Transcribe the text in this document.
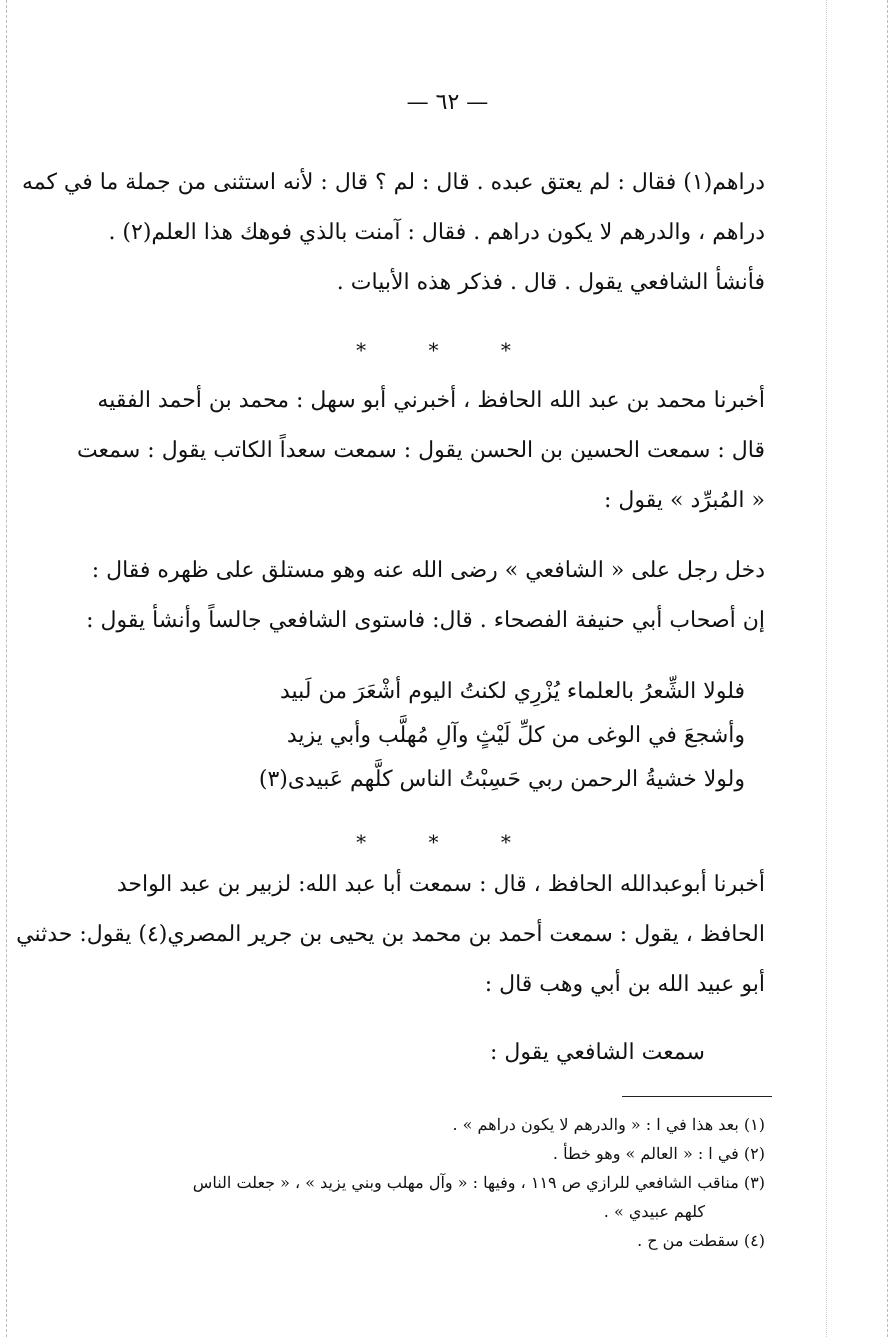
— ٦٢ —
دراهم(١) فقال : لم يعتق عبده . قال : لم ؟ قال : لأنه استثنى من جملة ما في كمه
دراهم ، والدرهم لا يكون دراهم . فقال : آمنت بالذي فوهك هذا العلم(٢) .
فأنشأ الشافعي يقول . قال . فذكر هذه الأبيات .
* * *
أخبرنا محمد بن عبد الله الحافظ ، أخبرني أبو سهل : محمد بن أحمد الفقيه
قال : سمعت الحسين بن الحسن يقول : سمعت سعداً الكاتب يقول : سمعت
« المُبرِّد » يقول :
دخل رجل على « الشافعي » رضى الله عنه وهو مستلق على ظهره فقال :
إن أصحاب أبي حنيفة الفصحاء . قال: فاستوى الشافعي جالساً وأنشأ يقول :
فلولا الشِّعرُ بالعلماء يُزْرِي لكنتُ اليوم أشْعَرَ من لَبيد
وأشجعَ في الوغى من كلِّ لَيْثٍ وآلِ مُهلَّب وأبي يزيد
ولولا خشيةُ الرحمن ربي حَسِبْتُ الناس كلَّهم عَبيدى(٣)
* * *
أخبرنا أبوعبدالله الحافظ ، قال : سمعت أبا عبد الله: لزبير بن عبد الواحد
الحافظ ، يقول : سمعت أحمد بن محمد بن يحيى بن جرير المصري(٤) يقول: حدثني
أبو عبيد الله بن أبي وهب قال :
سمعت الشافعي يقول :
(١) بعد هذا في ا : « والدرهم لا يكون دراهم » .
(٢) في ا : « العالم » وهو خطأ .
(٣) مناقب الشافعي للرازي ص ١١٩ ، وفيها : « وآل مهلب وبني يزيد » ، « جعلت الناس
كلهم عبيدي » .
(٤) سقطت من ح .
